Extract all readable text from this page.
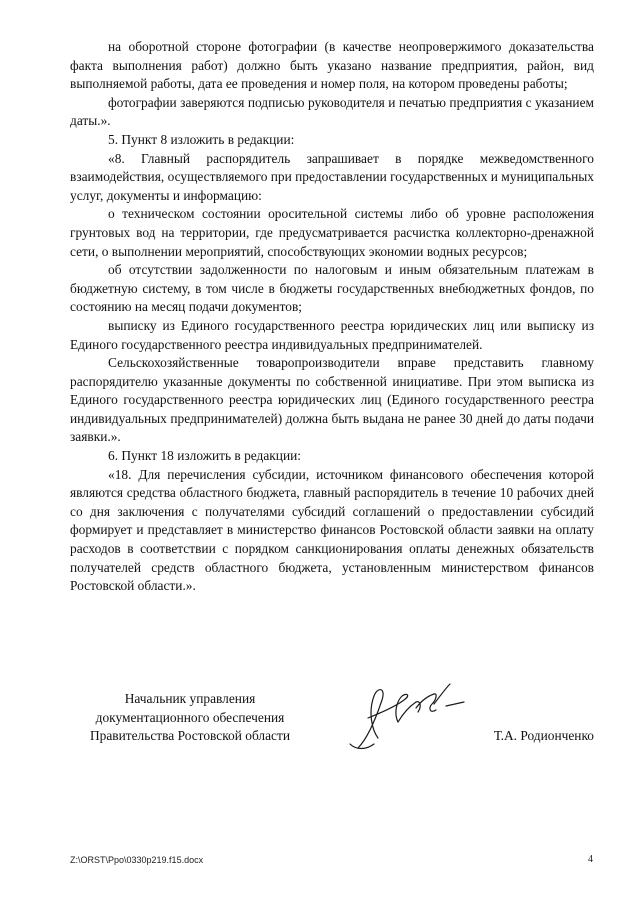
на оборотной стороне фотографии (в качестве неопровержимого доказательства факта выполнения работ) должно быть указано название предприятия, район, вид выполняемой работы, дата ее проведения и номер поля, на котором проведены работы;

фотографии заверяются подписью руководителя и печатью предприятия с указанием даты.».

5. Пункт 8 изложить в редакции:

«8. Главный распорядитель запрашивает в порядке межведомственного взаимодействия, осуществляемого при предоставлении государственных и муниципальных услуг, документы и информацию:

о техническом состоянии оросительной системы либо об уровне расположения грунтовых вод на территории, где предусматривается расчистка коллекторно-дренажной сети, о выполнении мероприятий, способствующих экономии водных ресурсов;

об отсутствии задолженности по налоговым и иным обязательным платежам в бюджетную систему, в том числе в бюджеты государственных внебюджетных фондов, по состоянию на месяц подачи документов;

выписку из Единого государственного реестра юридических лиц или выписку из Единого государственного реестра индивидуальных предпринимателей.

Сельскохозяйственные товаропроизводители вправе представить главному распорядителю указанные документы по собственной инициативе. При этом выписка из Единого государственного реестра юридических лиц (Единого государственного реестра индивидуальных предпринимателей) должна быть выдана не ранее 30 дней до даты подачи заявки.».

6. Пункт 18 изложить в редакции:

«18. Для перечисления субсидии, источником финансового обеспечения которой являются средства областного бюджета, главный распорядитель в течение 10 рабочих дней со дня заключения с получателями субсидий соглашений о предоставлении субсидий формирует и представляет в министерство финансов Ростовской области заявки на оплату расходов в соответствии с порядком санкционирования оплаты денежных обязательств получателей средств областного бюджета, установленным министерством финансов Ростовской области.».

Начальник управления
документационного обеспечения
Правительства Ростовской области	Т.А. Родионченко
Z:\ORST\Ppo\0330p219.f15.docx	4
